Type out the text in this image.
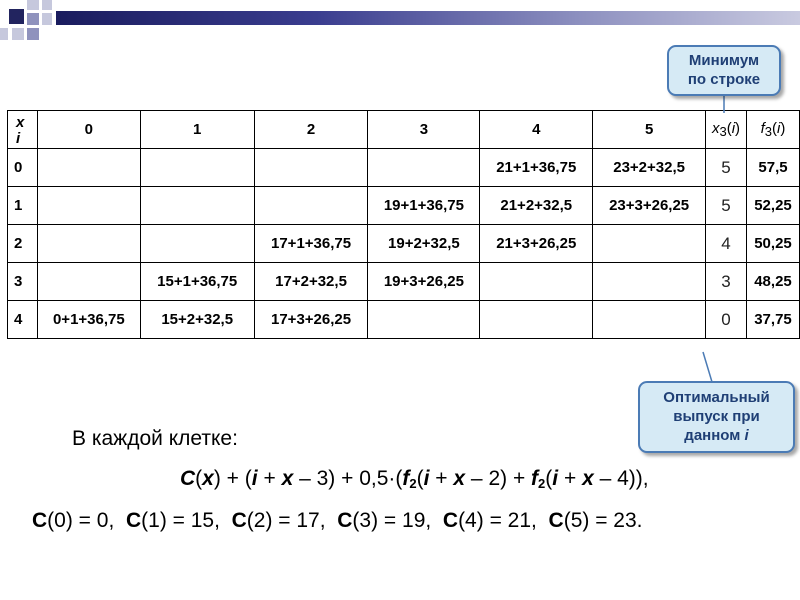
x
i	0	1	2	3	4	5	$x_3(i)$	$f_3(i)$
0					21+1+36,75	23+2+32,5	5	57,5
1				19+1+36,75	21+2+32,5	23+3+26,25	5	52,25
2			17+1+36,75	19+2+32,5	21+3+26,25		4	50,25
3		15+1+36,75	17+2+32,5	19+3+26,25			3	48,25
4	0+1+36,75	15+2+32,5	17+3+26,25				0	37,75
Минимум
по строке
Оптимальный
выпуск при
данном i
В каждой клетке:
$C(x) + (i + x - 3) + 0,5\cdot(f_2(i + x - 2) + f_2(i + x - 4))$,
C(0) = 0, C(1) = 15, C(2) = 17, C(3) = 19, C(4) = 21, C(5) = 23.
